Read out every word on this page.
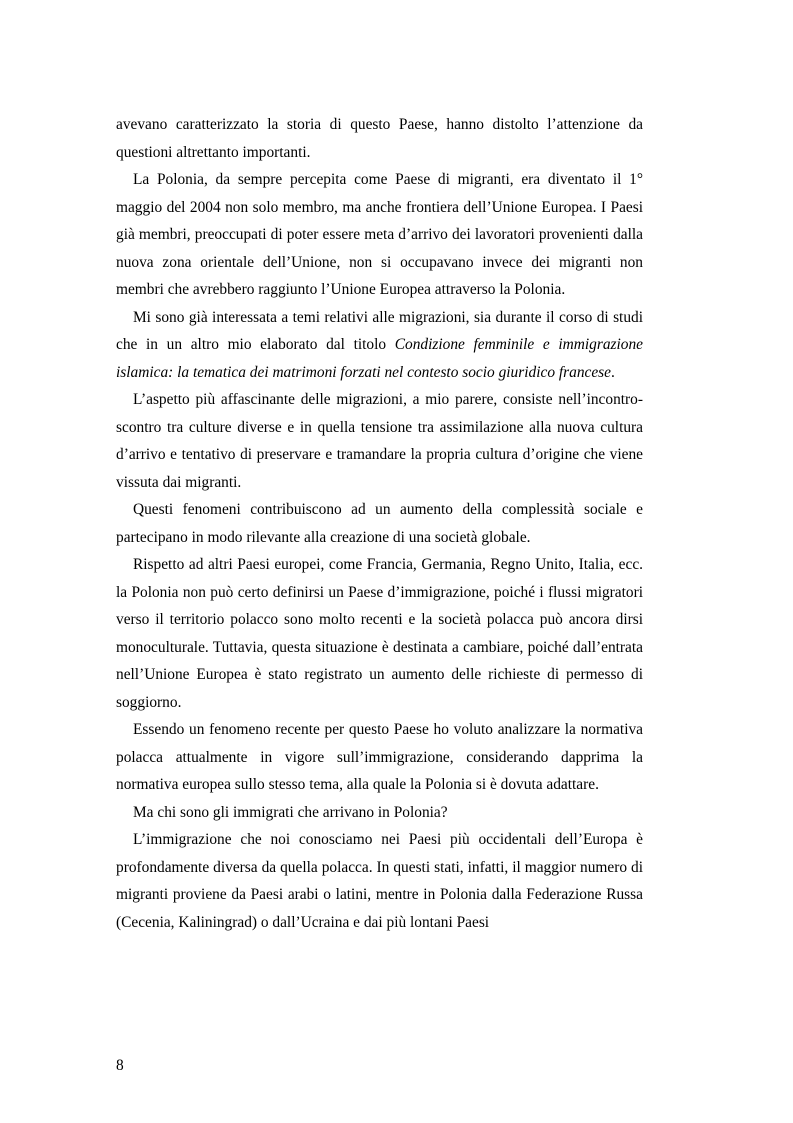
avevano caratterizzato la storia di questo Paese, hanno distolto l’attenzione da questioni altrettanto importanti.

La Polonia, da sempre percepita come Paese di migranti, era diventato il 1° maggio del 2004 non solo membro, ma anche frontiera dell’Unione Europea. I Paesi già membri, preoccupati di poter essere meta d’arrivo dei lavoratori provenienti dalla nuova zona orientale dell’Unione, non si occupavano invece dei migranti non membri che avrebbero raggiunto l’Unione Europea attraverso la Polonia.

Mi sono già interessata a temi relativi alle migrazioni, sia durante il corso di studi che in un altro mio elaborato dal titolo Condizione femminile e immigrazione islamica: la tematica dei matrimoni forzati nel contesto socio giuridico francese.

L’aspetto più affascinante delle migrazioni, a mio parere, consiste nell’incontro-scontro tra culture diverse e in quella tensione tra assimilazione alla nuova cultura d’arrivo e tentativo di preservare e tramandare la propria cultura d’origine che viene vissuta dai migranti.

Questi fenomeni contribuiscono ad un aumento della complessità sociale e partecipano in modo rilevante alla creazione di una società globale.

Rispetto ad altri Paesi europei, come Francia, Germania, Regno Unito, Italia, ecc. la Polonia non può certo definirsi un Paese d’immigrazione, poiché i flussi migratori verso il territorio polacco sono molto recenti e la società polacca può ancora dirsi monoculturale. Tuttavia, questa situazione è destinata a cambiare, poiché dall’entrata nell’Unione Europea è stato registrato un aumento delle richieste di permesso di soggiorno.

Essendo un fenomeno recente per questo Paese ho voluto analizzare la normativa polacca attualmente in vigore sull’immigrazione, considerando dapprima la normativa europea sullo stesso tema, alla quale la Polonia si è dovuta adattare.

Ma chi sono gli immigrati che arrivano in Polonia?

L’immigrazione che noi conosciamo nei Paesi più occidentali dell’Europa è profondamente diversa da quella polacca. In questi stati, infatti, il maggior numero di migranti proviene da Paesi arabi o latini, mentre in Polonia dalla Federazione Russa (Cecenia, Kaliningrad) o dall’Ucraina e dai più lontani Paesi

8
